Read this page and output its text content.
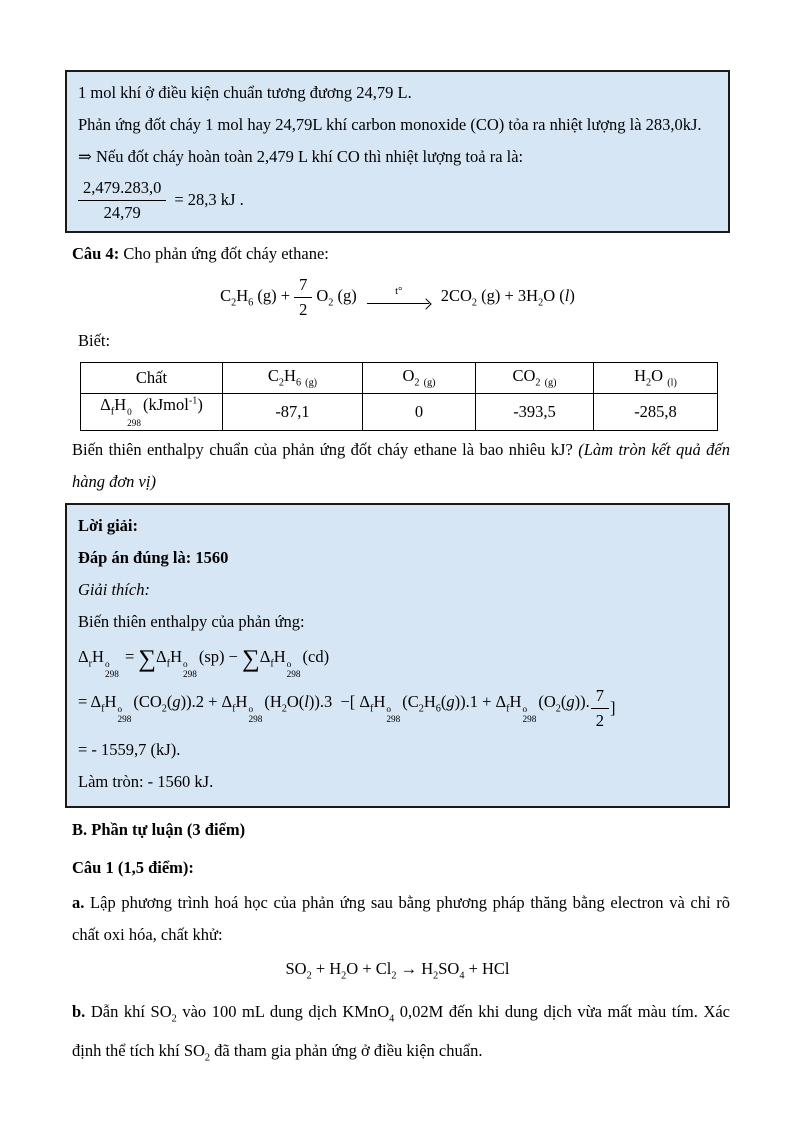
1 mol khí ở điều kiện chuẩn tương đương 24,79 L.

Phản ứng đốt cháy 1 mol hay 24,79L khí carbon monoxide (CO) tỏa ra nhiệt lượng là 283,0kJ.

⇒ Nếu đốt cháy hoàn toàn 2,479 L khí CO thì nhiệt lượng toả ra là:

$\frac{2,479.283,0}{24,79} = 28,3$ kJ .

Câu 4: Cho phản ứng đốt cháy ethane:

$C_2H_6$ $(g) + \frac{7}{2} O_2$ (g)	t° $2CO_2$ $(g) + 3H_2O$ (l)

Biết:

Chất	$C_2H_6$ $_{(g)}$	$O_2$ $_{(g)}$	$CO_2$ $_{(g)}$	$H_2O$ $_{(l)}$
$\Delta_fH$ 0
298
(kJmol$^{-1}$)	-87,1	0	-393,5	-285,8

Biến thiên enthalpy chuẩn của phản ứng đốt cháy ethane là bao nhiêu kJ? (Làm tròn kết quả đến hàng đơn vị)

Lời giải:

Đáp án đúng là: 1560

Giải thích:

Biến thiên enthalpy của phản ứng:

$\Delta_rH$ o
298
= $\sum\Delta_fH$ o
298
$(sp) - \sum\Delta_fH$ o
298
(cd)

= $\Delta_fH$ o
298
$(CO_2(g)).2 + \Delta_fH$ o
298
$(H_2O(l)).3$  −[ $\Delta_fH$ o
298
$(C_2H_6(g)).1 + \Delta_fH$ o
298
$(O_2(g))$. $\frac{7}{2}$ ]

= - 1559,7 (kJ).

Làm tròn: - 1560 kJ.

B. Phần tự luận (3 điểm)

Câu 1 (1,5 điểm):

a. Lập phương trình hoá học của phản ứng sau bằng phương pháp thăng bằng electron và chỉ rõ chất oxi hóa, chất khử:

$SO_2 + H_2O + Cl_2 \to H_2SO_4$ + HCl

b. Dẫn khí $SO_2$ vào 100 mL dung dịch KMnO$_4$ 0,02M đến khi dung dịch vừa mất màu tím. Xác định thể tích khí $SO_2$ đã tham gia phản ứng ở điều kiện chuẩn.
